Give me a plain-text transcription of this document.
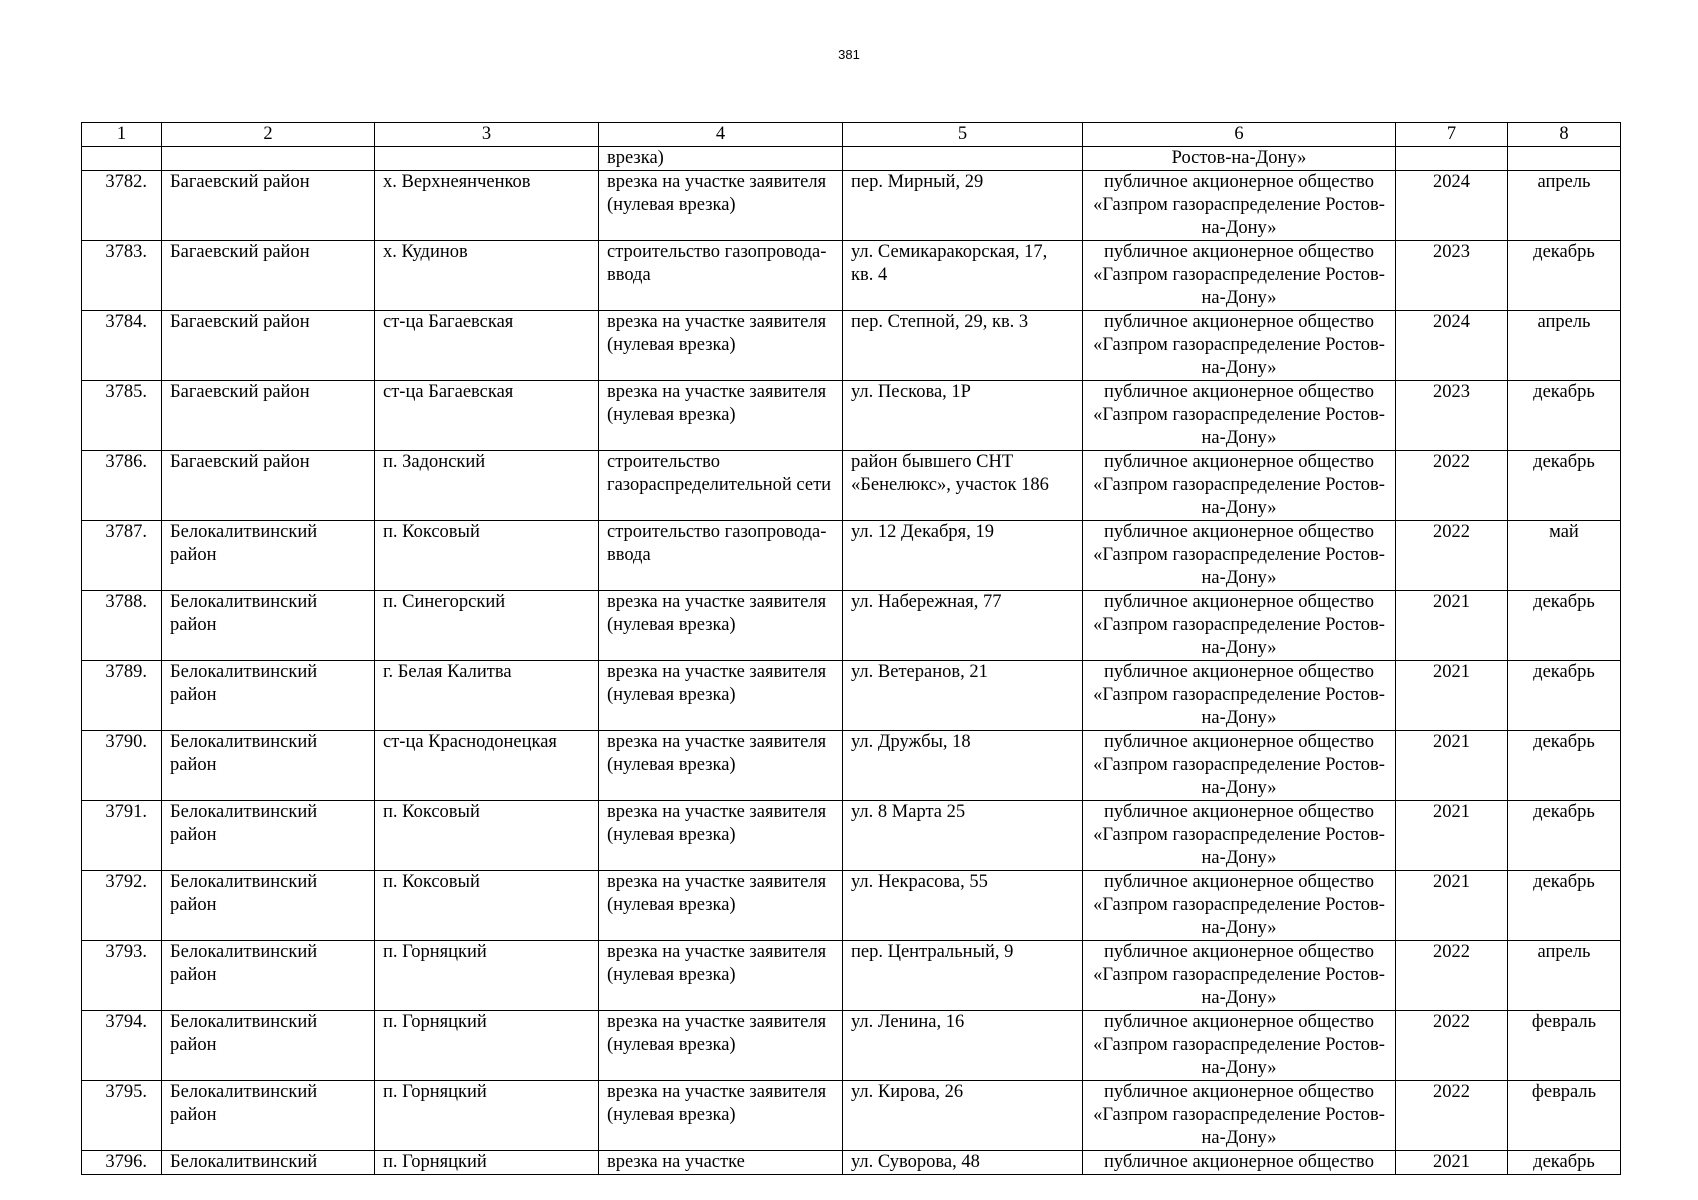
381
1	2	3	4	5	6	7	8
			врезка)		Ростов-на-Дону»		
3782.	Багаевский район	х. Верхнеянченков	врезка на участке заявителя (нулевая врезка)	пер. Мирный, 29	публичное акционерное общество «Газпром газораспределение Ростов-на-Дону»	2024	апрель
3783.	Багаевский район	х. Кудинов	строительство газопровода-ввода	ул. Семикаракорская, 17, кв. 4	публичное акционерное общество «Газпром газораспределение Ростов-на-Дону»	2023	декабрь
3784.	Багаевский район	ст-ца Багаевская	врезка на участке заявителя (нулевая врезка)	пер. Степной, 29, кв. 3	публичное акционерное общество «Газпром газораспределение Ростов-на-Дону»	2024	апрель
3785.	Багаевский район	ст-ца Багаевская	врезка на участке заявителя (нулевая врезка)	ул. Пескова, 1Р	публичное акционерное общество «Газпром газораспределение Ростов-на-Дону»	2023	декабрь
3786.	Багаевский район	п. Задонский	строительство газораспределительной сети	район бывшего СНТ «Бенелюкс», участок 186	публичное акционерное общество «Газпром газораспределение Ростов-на-Дону»	2022	декабрь
3787.	Белокалитвинский район	п. Коксовый	строительство газопровода-ввода	ул. 12 Декабря, 19	публичное акционерное общество «Газпром газораспределение Ростов-на-Дону»	2022	май
3788.	Белокалитвинский район	п. Синегорский	врезка на участке заявителя (нулевая врезка)	ул. Набережная, 77	публичное акционерное общество «Газпром газораспределение Ростов-на-Дону»	2021	декабрь
3789.	Белокалитвинский район	г. Белая Калитва	врезка на участке заявителя (нулевая врезка)	ул. Ветеранов, 21	публичное акционерное общество «Газпром газораспределение Ростов-на-Дону»	2021	декабрь
3790.	Белокалитвинский район	ст-ца Краснодонецкая	врезка на участке заявителя (нулевая врезка)	ул. Дружбы, 18	публичное акционерное общество «Газпром газораспределение Ростов-на-Дону»	2021	декабрь
3791.	Белокалитвинский район	п. Коксовый	врезка на участке заявителя (нулевая врезка)	ул. 8 Марта 25	публичное акционерное общество «Газпром газораспределение Ростов-на-Дону»	2021	декабрь
3792.	Белокалитвинский район	п. Коксовый	врезка на участке заявителя (нулевая врезка)	ул. Некрасова, 55	публичное акционерное общество «Газпром газораспределение Ростов-на-Дону»	2021	декабрь
3793.	Белокалитвинский район	п. Горняцкий	врезка на участке заявителя (нулевая врезка)	пер. Центральный, 9	публичное акционерное общество «Газпром газораспределение Ростов-на-Дону»	2022	апрель
3794.	Белокалитвинский район	п. Горняцкий	врезка на участке заявителя (нулевая врезка)	ул. Ленина, 16	публичное акционерное общество «Газпром газораспределение Ростов-на-Дону»	2022	февраль
3795.	Белокалитвинский район	п. Горняцкий	врезка на участке заявителя (нулевая врезка)	ул. Кирова, 26	публичное акционерное общество «Газпром газораспределение Ростов-на-Дону»	2022	февраль
3796.	Белокалитвинский	п. Горняцкий	врезка на участке	ул. Суворова, 48	публичное акционерное общество	2021	декабрь
